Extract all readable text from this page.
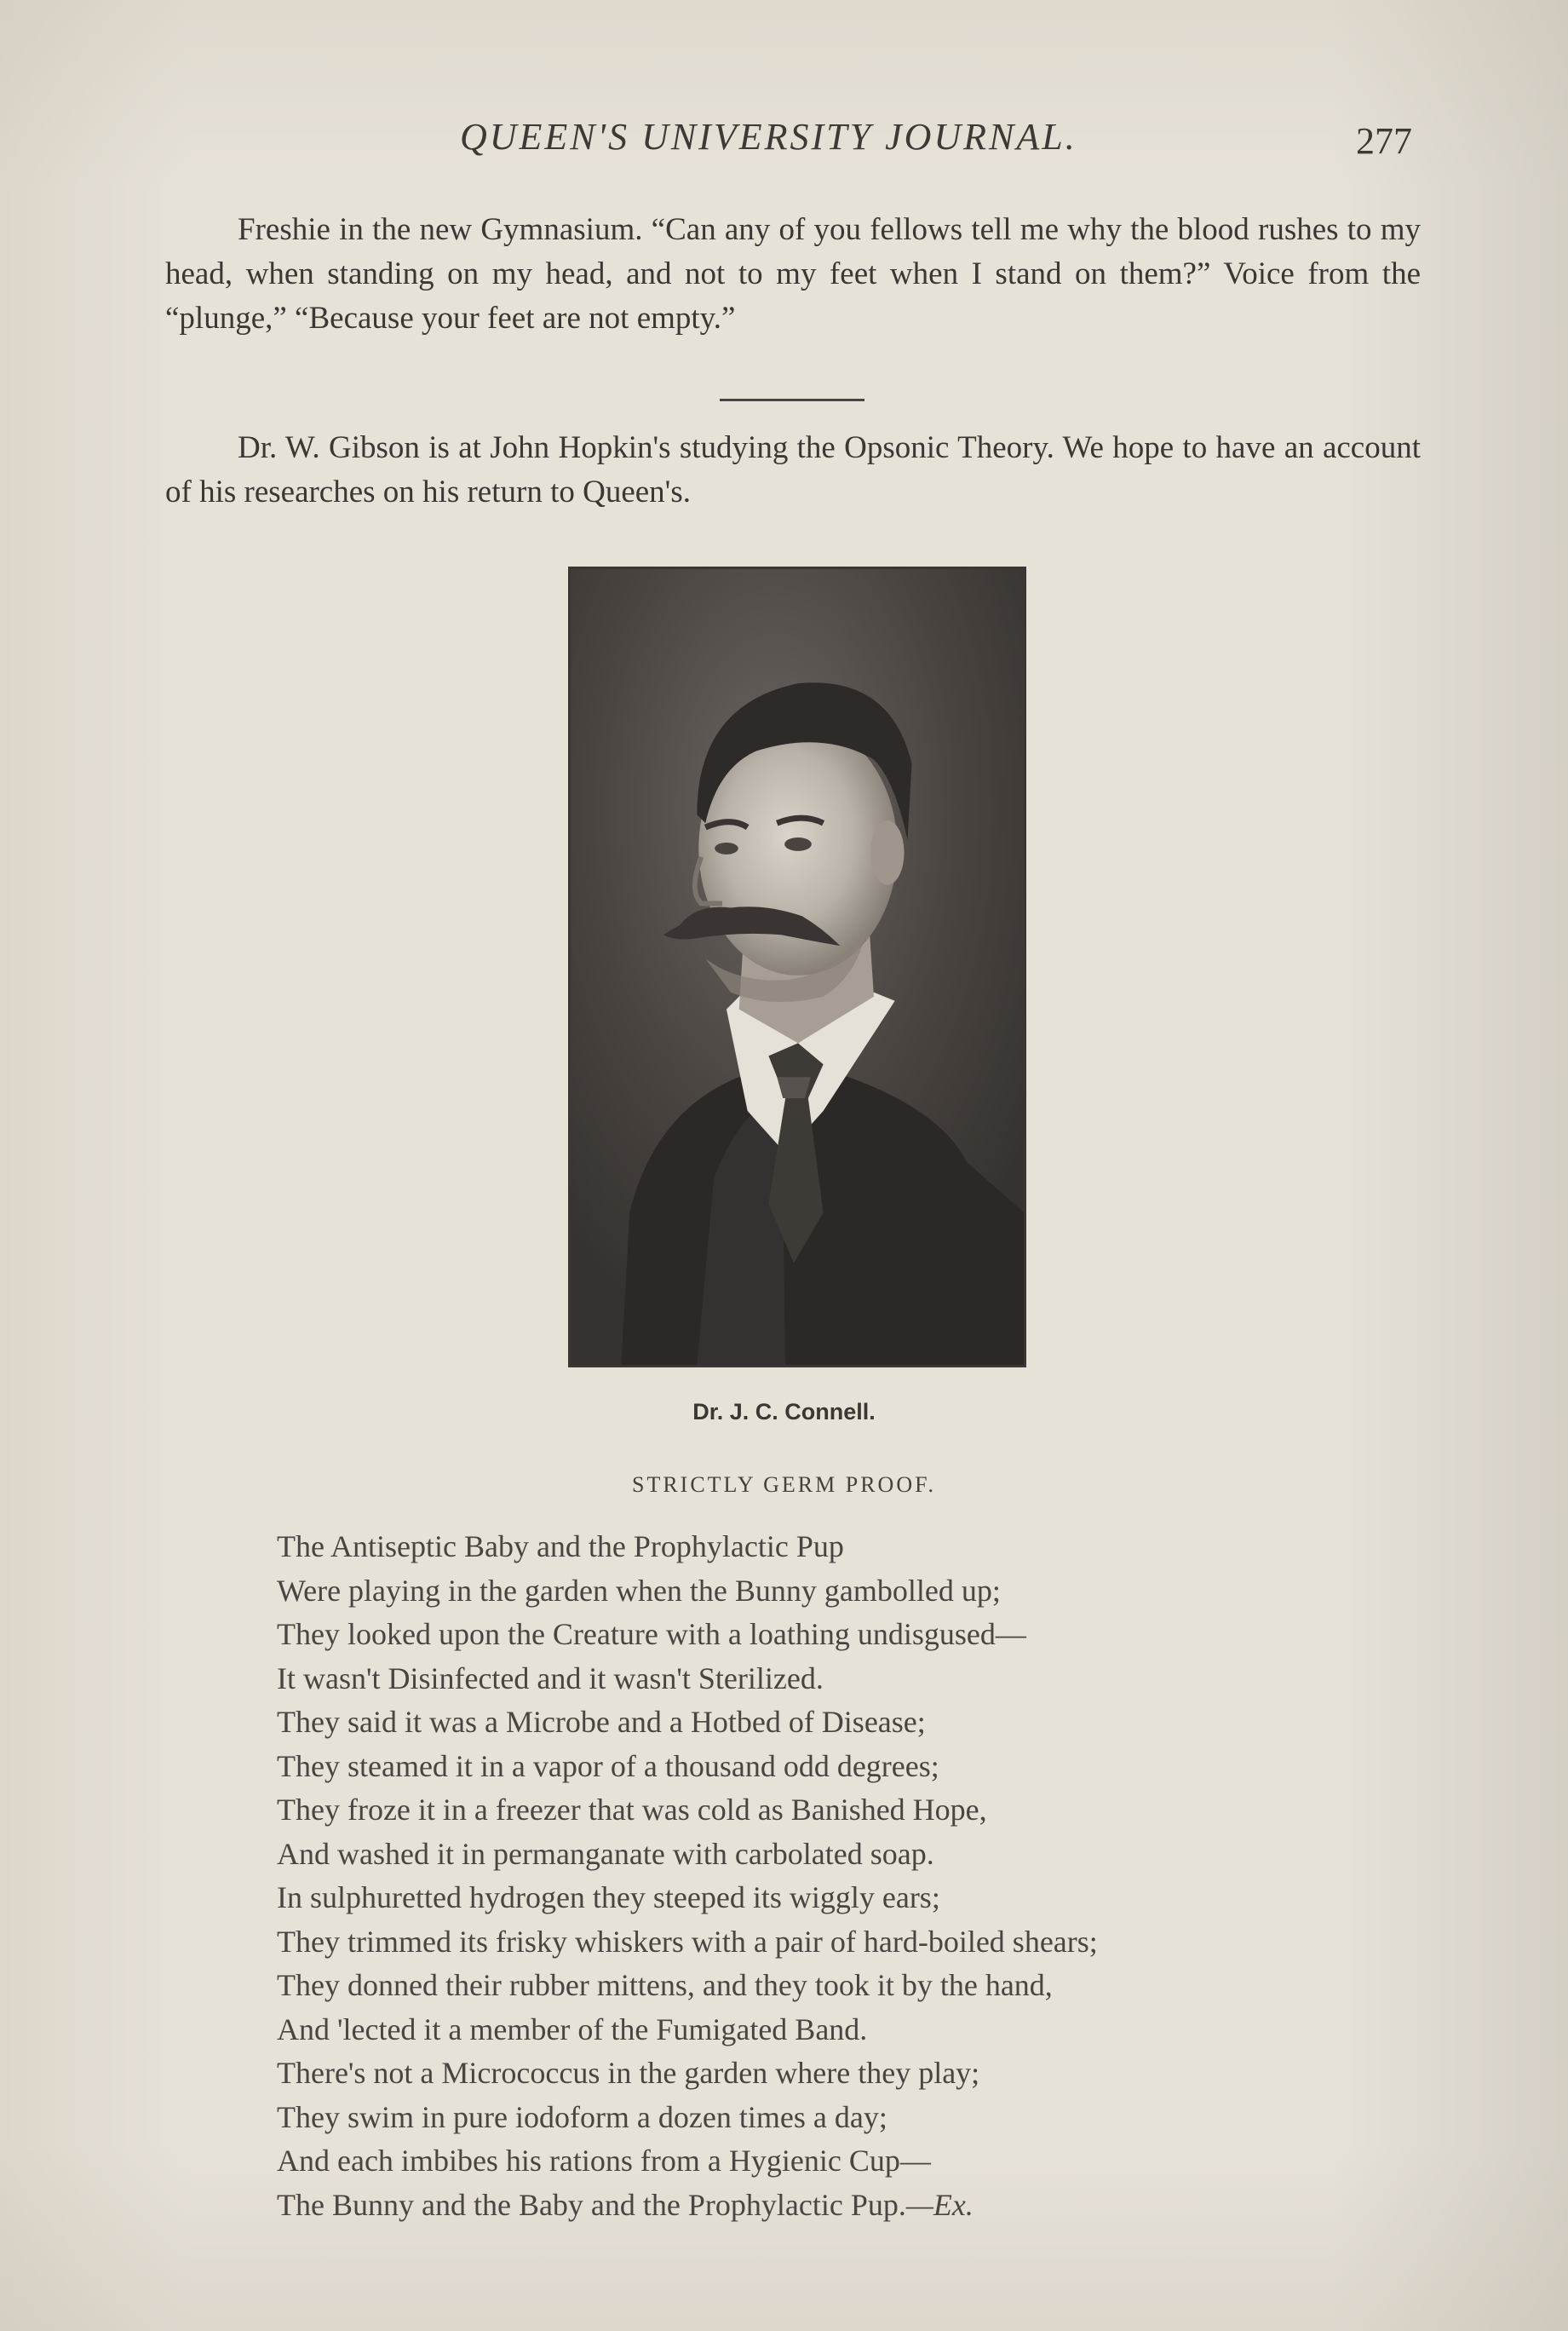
QUEEN'S UNIVERSITY JOURNAL.	277

Freshie in the new Gymnasium. “Can any of you fellows tell me why the blood rushes to my head, when standing on my head, and not to my feet when I stand on them?” Voice from the “plunge,” “Because your feet are not empty.”

Dr. W. Gibson is at John Hopkin's studying the Opsonic Theory. We hope to have an account of his researches on his return to Queen's.

Dr. J. C. Connell.
STRICTLY GERM PROOF.
The Antiseptic Baby and the Prophylactic Pup
Were playing in the garden when the Bunny gambolled up;
They looked upon the Creature with a loathing undisgused—
It wasn't Disinfected and it wasn't Sterilized.
They said it was a Microbe and a Hotbed of Disease;
They steamed it in a vapor of a thousand odd degrees;
They froze it in a freezer that was cold as Banished Hope,
And washed it in permanganate with carbolated soap.
In sulphuretted hydrogen they steeped its wiggly ears;
They trimmed its frisky whiskers with a pair of hard-boiled shears;
They donned their rubber mittens, and they took it by the hand,
And 'lected it a member of the Fumigated Band.
There's not a Micrococcus in the garden where they play;
They swim in pure iodoform a dozen times a day;
And each imbibes his rations from a Hygienic Cup—
The Bunny and the Baby and the Prophylactic Pup.—Ex.
